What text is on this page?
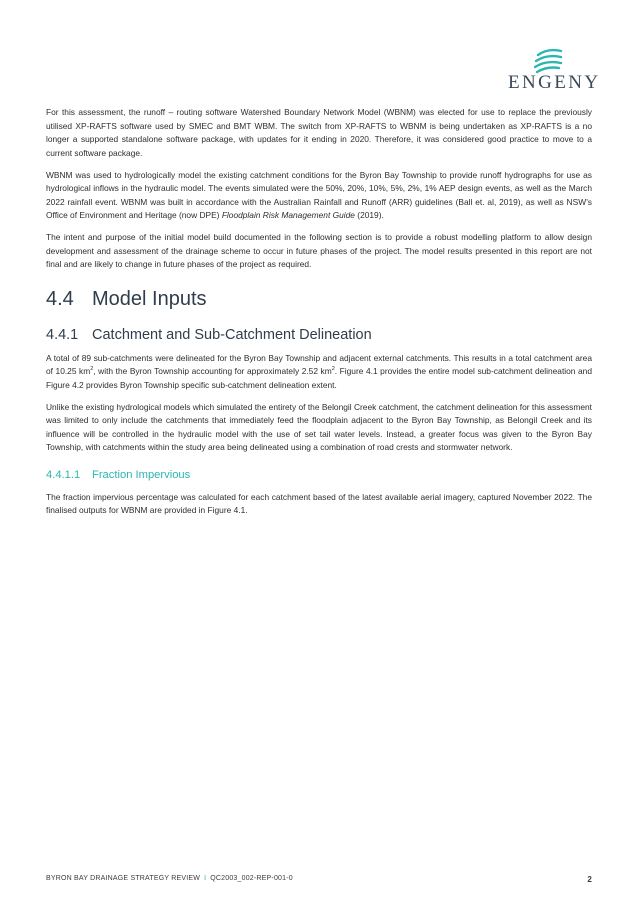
ENGENY

For this assessment, the runoff – routing software Watershed Boundary Network Model (WBNM) was elected for use to replace the previously utilised XP-RAFTS software used by SMEC and BMT WBM. The switch from XP-RAFTS to WBNM is being undertaken as XP-RAFTS is a no longer a supported standalone software package, with updates for it ending in 2020. Therefore, it was considered good practice to move to a current software package.

WBNM was used to hydrologically model the existing catchment conditions for the Byron Bay Township to provide runoff hydrographs for use as hydrological inflows in the hydraulic model. The events simulated were the 50%, 20%, 10%, 5%, 2%, 1% AEP design events, as well as the March 2022 rainfall event. WBNM was built in accordance with the Australian Rainfall and Runoff (ARR) guidelines (Ball et. al, 2019), as well as NSW’s Office of Environment and Heritage (now DPE) Floodplain Risk Management Guide (2019).

The intent and purpose of the initial model build documented in the following section is to provide a robust modelling platform to allow design development and assessment of the drainage scheme to occur in future phases of the project. The model results presented in this report are not final and are likely to change in future phases of the project as required.

4.4 Model Inputs
4.4.1 Catchment and Sub-Catchment Delineation

A total of 89 sub-catchments were delineated for the Byron Bay Township and adjacent external catchments. This results in a total catchment area of 10.25 $km^2$, with the Byron Township accounting for approximately 2.52 $km^2$. Figure 4.1 provides the entire model sub-catchment delineation and Figure 4.2 provides Byron Township specific sub-catchment delineation extent.

Unlike the existing hydrological models which simulated the entirety of the Belongil Creek catchment, the catchment delineation for this assessment was limited to only include the catchments that immediately feed the floodplain adjacent to the Byron Bay Township, as Belongil Creek and its influence will be controlled in the hydraulic model with the use of set tail water levels. Instead, a greater focus was given to the Byron Bay Township, with catchments within the study area being delineated using a combination of road crests and stormwater network.

4.4.1.1	Fraction Impervious

The fraction impervious percentage was calculated for each catchment based of the latest available aerial imagery, captured November 2022. The finalised outputs for WBNM are provided in Figure 4.1.

BYRON BAY DRAINAGE STRATEGY REVIEW I QC2003_002-REP-001-0	2
